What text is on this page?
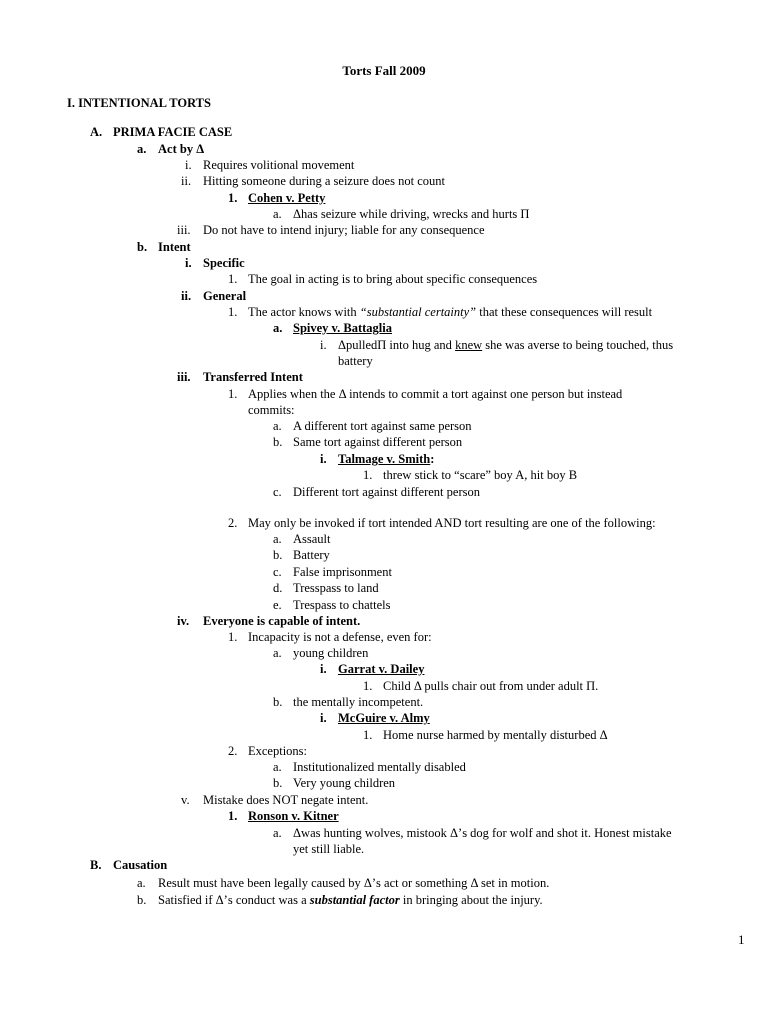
Torts Fall 2009
I. INTENTIONAL TORTS
A. PRIMA FACIE CASE
a. Act by Δ
i. Requires volitional movement
ii. Hitting someone during a seizure does not count
1. Cohen v. Petty
a. Δhas seizure while driving, wrecks and hurts Π
iii. Do not have to intend injury; liable for any consequence
b. Intent
i. Specific
1. The goal in acting is to bring about specific consequences
ii. General
1. The actor knows with “substantial certainty” that these consequences will result
a. Spivey v. Battaglia
i. ΔpulledΠ into hug and knew she was averse to being touched, thus
battery
iii. Transferred Intent
1. Applies when the Δ intends to commit a tort against one person but instead
commits:
a. A different tort against same person
b. Same tort against different person
i. Talmage v. Smith:
1. threw stick to “scare” boy A, hit boy B
c. Different tort against different person
2. May only be invoked if tort intended AND tort resulting are one of the following:
a. Assault
b. Battery
c. False imprisonment
d. Tresspass to land
e. Trespass to chattels
iv. Everyone is capable of intent.
1. Incapacity is not a defense, even for:
a. young children
i. Garrat v. Dailey
1. Child Δ pulls chair out from under adult Π.
b. the mentally incompetent.
i. McGuire v. Almy
1. Home nurse harmed by mentally disturbed Δ
2. Exceptions:
a. Institutionalized mentally disabled
b. Very young children
v. Mistake does NOT negate intent.
1. Ronson v. Kitner
a. Δwas hunting wolves, mistook Δ’s dog for wolf and shot it. Honest mistake
yet still liable.
B. Causation
a. Result must have been legally caused by Δ’s act or something Δ set in motion.
b. Satisfied if Δ’s conduct was a substantial factor in bringing about the injury.
1
